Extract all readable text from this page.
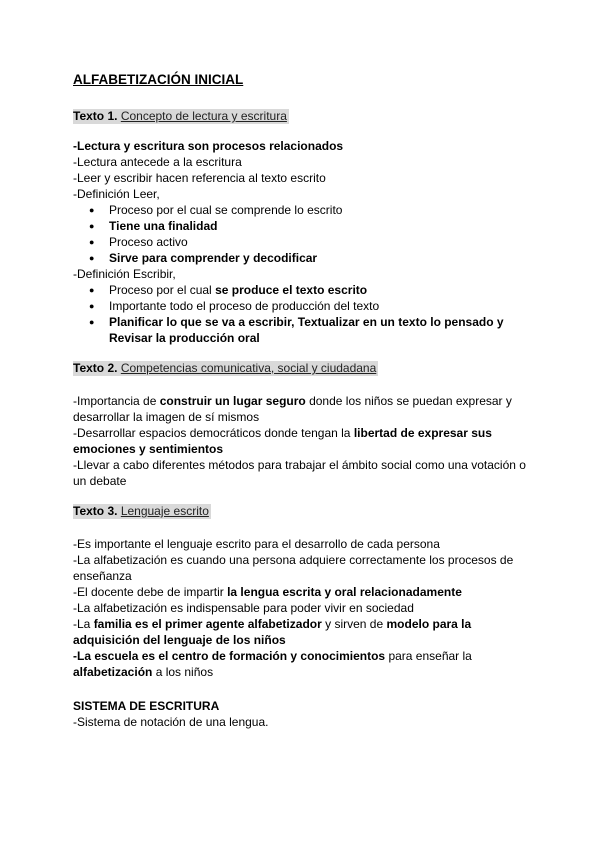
ALFABETIZACIÓN INICIAL
Texto 1. Concepto de lectura y escritura

-Lectura y escritura son procesos relacionados

-Lectura antecede a la escritura

-Leer y escribir hacen referencia al texto escrito

-Definición Leer,

● Proceso por el cual se comprende lo escrito
● Tiene una finalidad
● Proceso activo
● Sirve para comprender y decodificar

-Definición Escribir,

● Proceso por el cual se produce el texto escrito
● Importante todo el proceso de producción del texto
● Planificar lo que se va a escribir, Textualizar en un texto lo pensado y Revisar la producción oral
Texto 2. Competencias comunicativa, social y ciudadana

-Importancia de construir un lugar seguro donde los niños se puedan expresar y desarrollar la imagen de sí mismos

-Desarrollar espacios democráticos donde tengan la libertad de expresar sus emociones y sentimientos

-Llevar a cabo diferentes métodos para trabajar el ámbito social como una votación o un debate

Texto 3. Lenguaje escrito

-Es importante el lenguaje escrito para el desarrollo de cada persona

-La alfabetización es cuando una persona adquiere correctamente los procesos de enseñanza

-El docente debe de impartir la lengua escrita y oral relacionadamente

-La alfabetización es indispensable para poder vivir en sociedad

-La familia es el primer agente alfabetizador y sirven de modelo para la adquisición del lenguaje de los niños

-La escuela es el centro de formación y conocimientos para enseñar la alfabetización a los niños

SISTEMA DE ESCRITURA

-Sistema de notación de una lengua.
